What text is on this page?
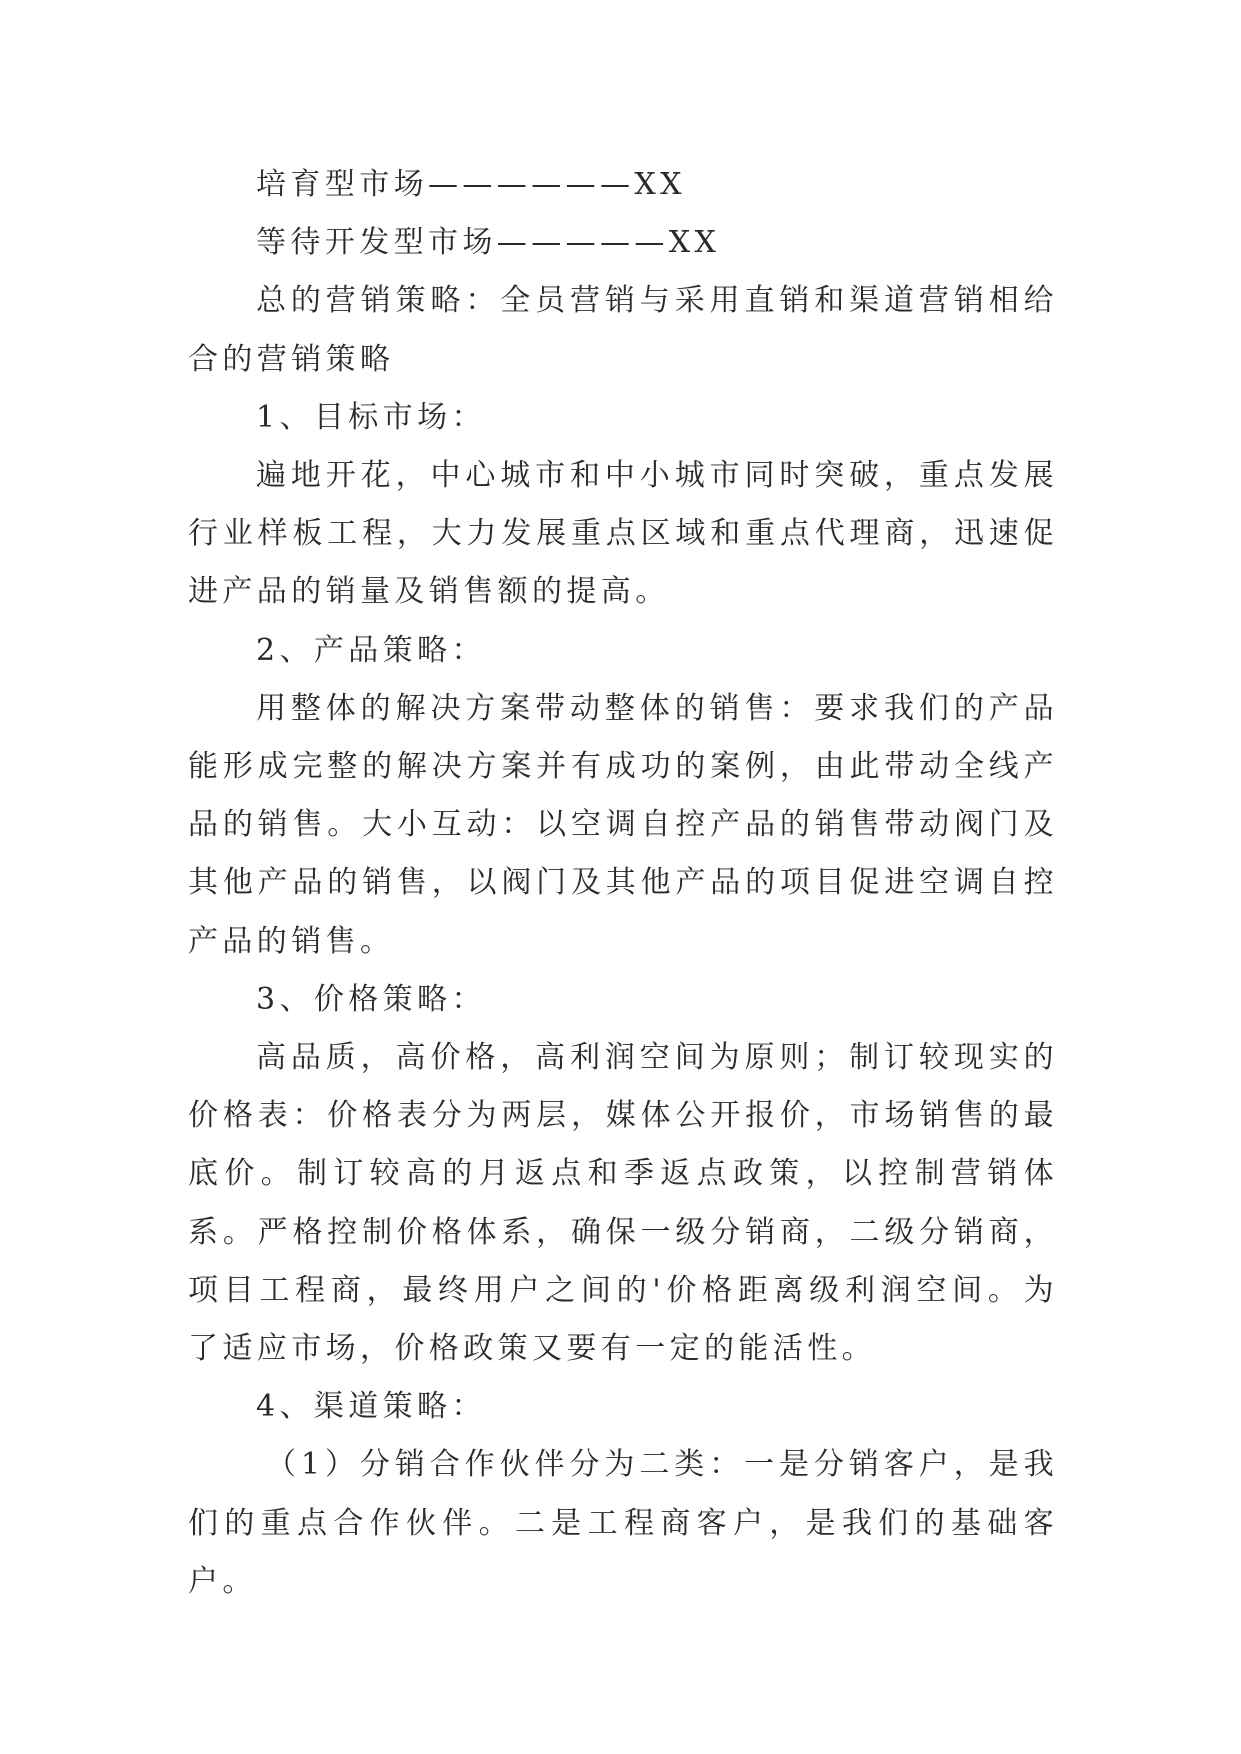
培育型市场——————XX

等待开发型市场—————XX

总的营销策略：全员营销与采用直销和渠道营销相给合的营销策略

1、目标市场：

遍地开花，中心城市和中小城市同时突破，重点发展行业样板工程，大力发展重点区域和重点代理商，迅速促进产品的销量及销售额的提高。

2、产品策略：

用整体的解决方案带动整体的销售：要求我们的产品能形成完整的解决方案并有成功的案例，由此带动全线产品的销售。大小互动：以空调自控产品的销售带动阀门及其他产品的销售，以阀门及其他产品的项目促进空调自控产品的销售。

3、价格策略：

高品质，高价格，高利润空间为原则；制订较现实的价格表：价格表分为两层，媒体公开报价，市场销售的最底价。制订较高的月返点和季返点政策，以控制营销体系。严格控制价格体系，确保一级分销商，二级分销商，项目工程商，最终用户之间的'价格距离级利润空间。为了适应市场，价格政策又要有一定的能活性。

4、渠道策略：

（1）分销合作伙伴分为二类：一是分销客户，是我们的重点合作伙伴。二是工程商客户，是我们的基础客户。
